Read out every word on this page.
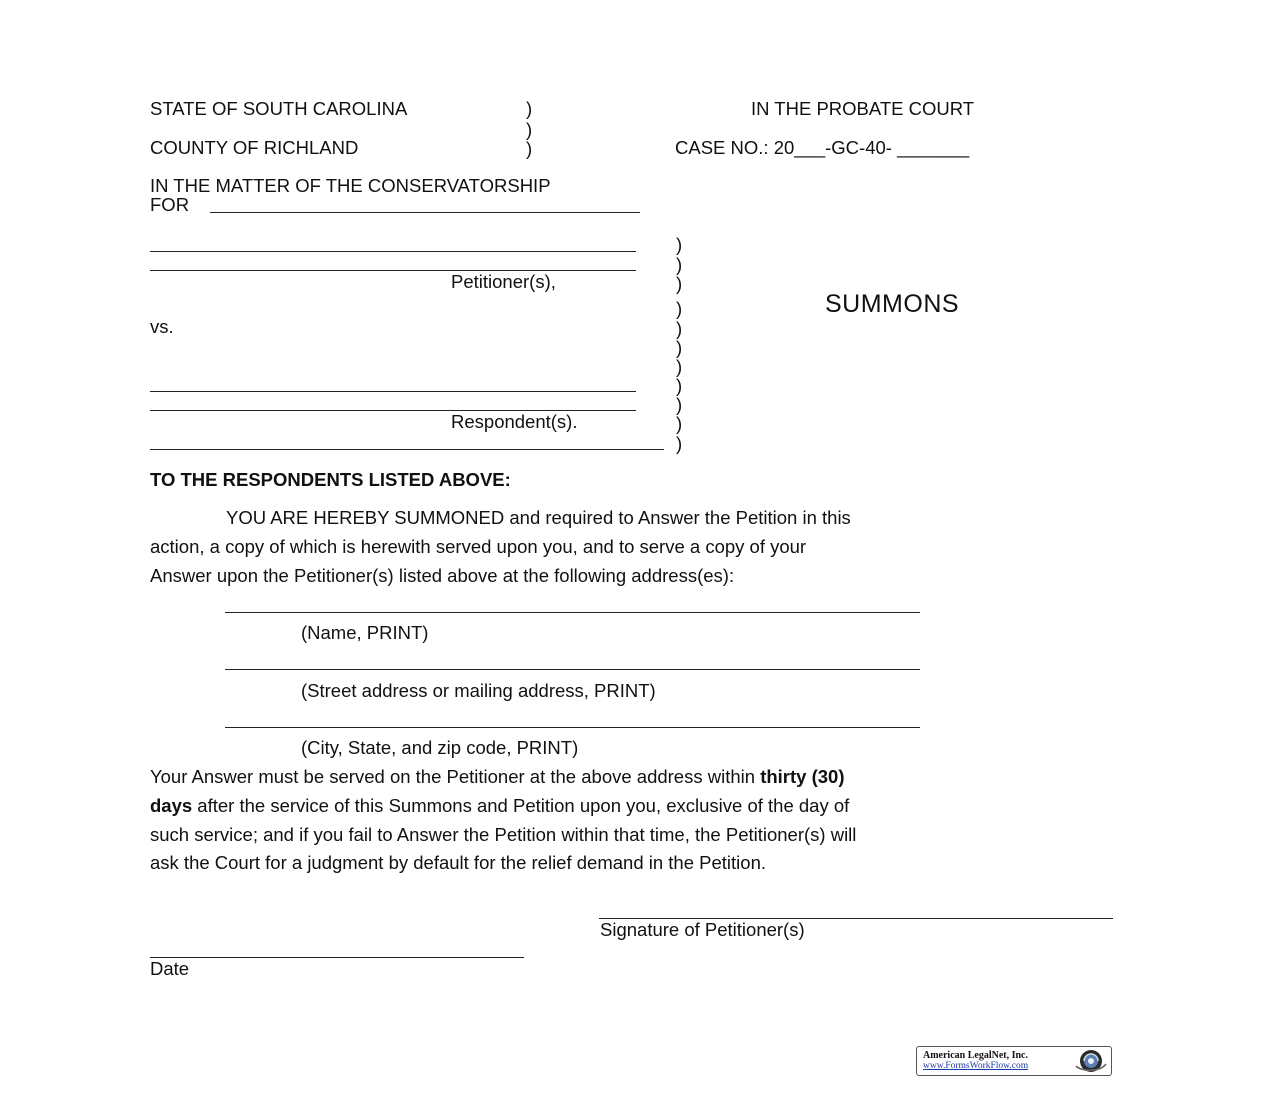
STATE OF SOUTH CAROLINA	)
)
)
IN THE PROBATE COURT
COUNTY OF RICHLAND	CASE NO.: 20___-GC-40- _______
IN THE MATTER OF THE CONSERVATORSHIP
FOR
Petitioner(s),
vs.
Respondent(s).
)
)
)
)
)
)
)
)
)
)
)
SUMMONS
TO THE RESPONDENTS LISTED ABOVE:
YOU ARE HEREBY SUMMONED and required to Answer the Petition in this
action, a copy of which is herewith served upon you, and to serve a copy of your
Answer upon the Petitioner(s) listed above at the following address(es):
(Name, PRINT)
(Street address or mailing address, PRINT)
(City, State, and zip code, PRINT)
Your Answer must be served on the Petitioner at the above address within thirty (30)
days after the service of this Summons and Petition upon you, exclusive of the day of
such service; and if you fail to Answer the Petition within that time, the Petitioner(s) will
ask the Court for a judgment by default for the relief demand in the Petition.
Signature of Petitioner(s)
Date
American LegalNet, Inc.
www.FormsWorkFlow.com
